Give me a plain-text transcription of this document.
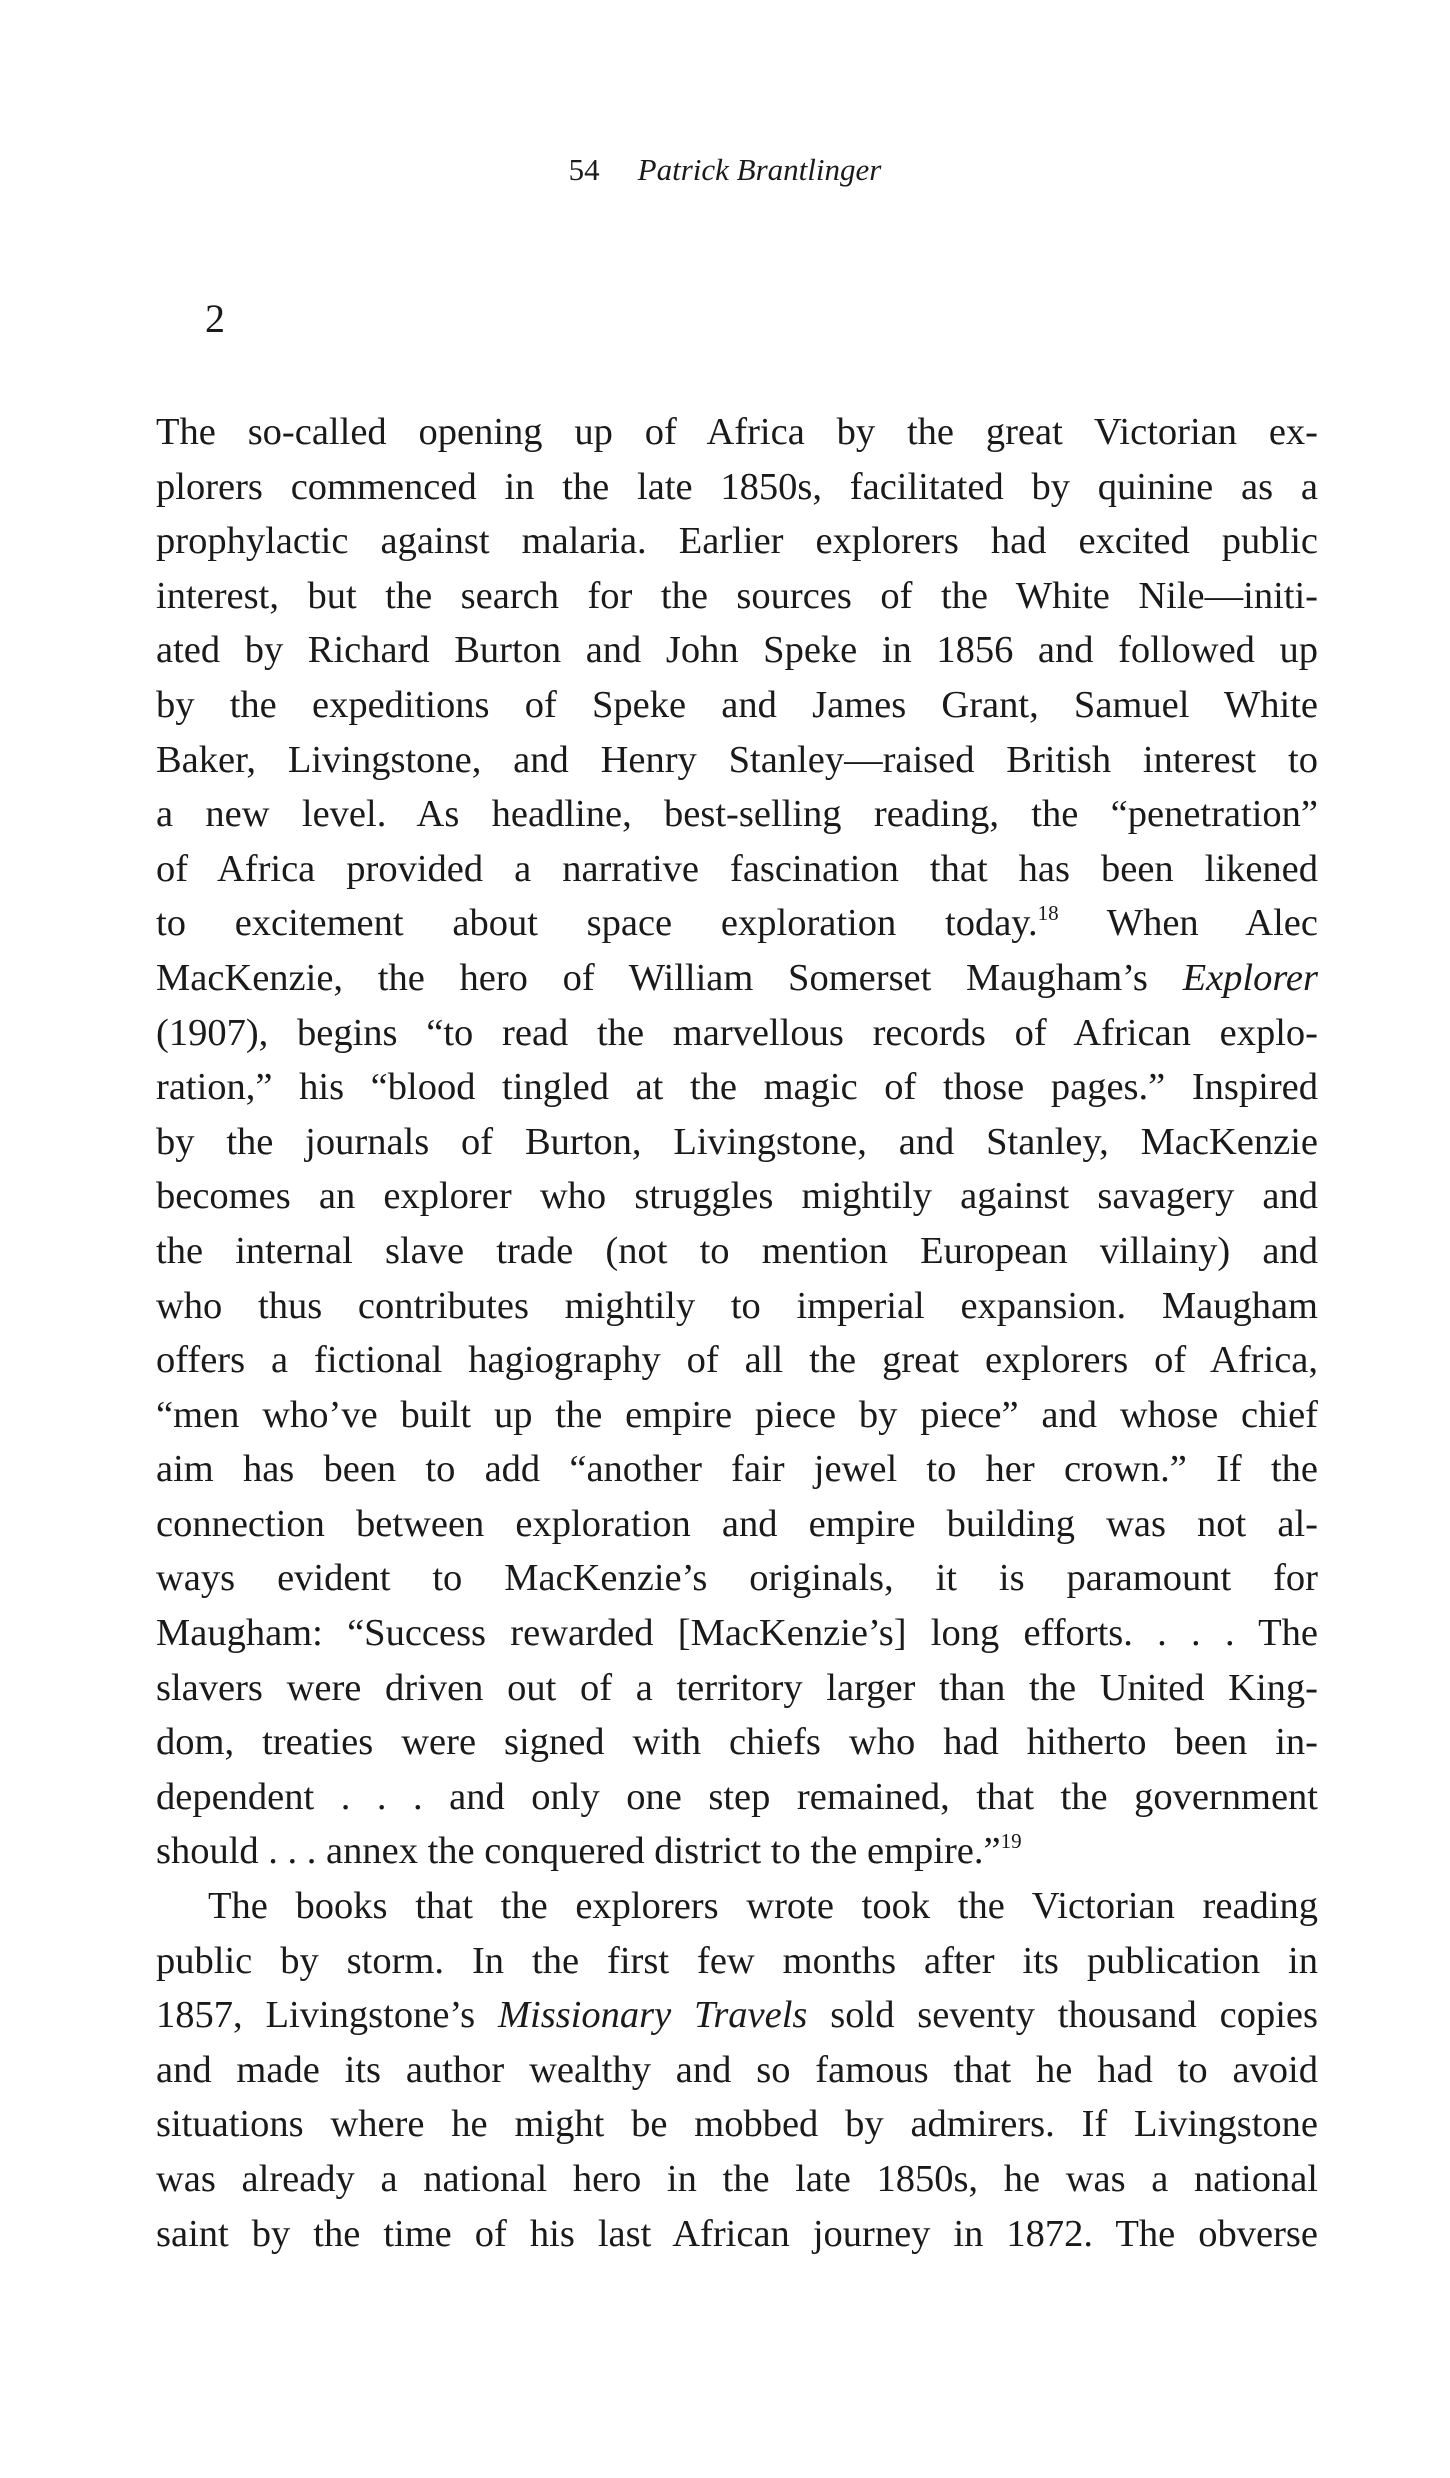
54 Patrick Brantlinger
2

The so-called opening up of Africa by the great Victorian ex-
plorers commenced in the late 1850s, facilitated by quinine as a
prophylactic against malaria. Earlier explorers had excited public
interest, but the search for the sources of the White Nile—initi-
ated by Richard Burton and John Speke in 1856 and followed up
by the expeditions of Speke and James Grant, Samuel White
Baker, Livingstone, and Henry Stanley—raised British interest to
a new level. As headline, best-selling reading, the “penetration”
of Africa provided a narrative fascination that has been likened
to excitement about space exploration today.$^{18}$ When Alec
MacKenzie, the hero of William Somerset Maugham’s Explorer
(1907), begins “to read the marvellous records of African explo-
ration,” his “blood tingled at the magic of those pages.” Inspired
by the journals of Burton, Livingstone, and Stanley, MacKenzie
becomes an explorer who struggles mightily against savagery and
the internal slave trade (not to mention European villainy) and
who thus contributes mightily to imperial expansion. Maugham
offers a fictional hagiography of all the great explorers of Africa,
“men who’ve built up the empire piece by piece” and whose chief
aim has been to add “another fair jewel to her crown.” If the
connection between exploration and empire building was not al-
ways evident to MacKenzie’s originals, it is paramount for
Maugham: “Success rewarded [MacKenzie’s] long efforts. . . . The
slavers were driven out of a territory larger than the United King-
dom, treaties were signed with chiefs who had hitherto been in-
dependent . . . and only one step remained, that the government
should . . . annex the conquered district to the empire.”$^{19}$

The books that the explorers wrote took the Victorian reading
public by storm. In the first few months after its publication in
1857, Livingstone’s Missionary Travels sold seventy thousand copies
and made its author wealthy and so famous that he had to avoid
situations where he might be mobbed by admirers. If Livingstone
was already a national hero in the late 1850s, he was a national
saint by the time of his last African journey in 1872. The obverse
